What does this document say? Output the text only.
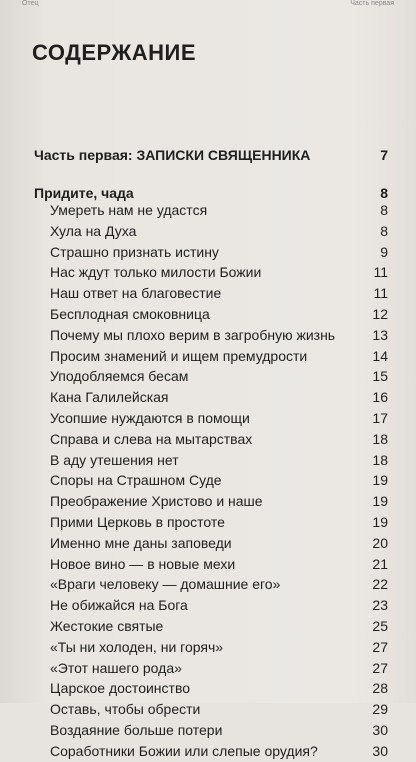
Отец	Часть первая
СОДЕРЖАНИЕ
Часть первая: ЗАПИСКИ СВЯЩЕННИКА	7
Придите, чада	8
Умереть нам не удастся	8
Хула на Духа	8
Страшно признать истину	9
Нас ждут только милости Божии	11
Наш ответ на благовестие	11
Бесплодная смоковница	12
Почему мы плохо верим в загробную жизнь	13
Просим знамений и ищем премудрости	14
Уподобляемся бесам	15
Кана Галилейская	16
Усопшие нуждаются в помощи	17
Справа и слева на мытарствах	18
В аду утешения нет	18
Споры на Страшном Суде	19
Преображение Христово и наше	19
Прими Церковь в простоте	19
Именно мне даны заповеди	20
Новое вино — в новые мехи	21
«Враги человеку — домашние его»	22
Не обижайся на Бога	23
Жестокие святые	25
«Ты ни холоден, ни горяч»	27
«Этот нашего рода»	27
Царское достоинство	28
Оставь, чтобы обрести	29
Воздаяние больше потери	30
Соработники Божии или слепые орудия?	30
